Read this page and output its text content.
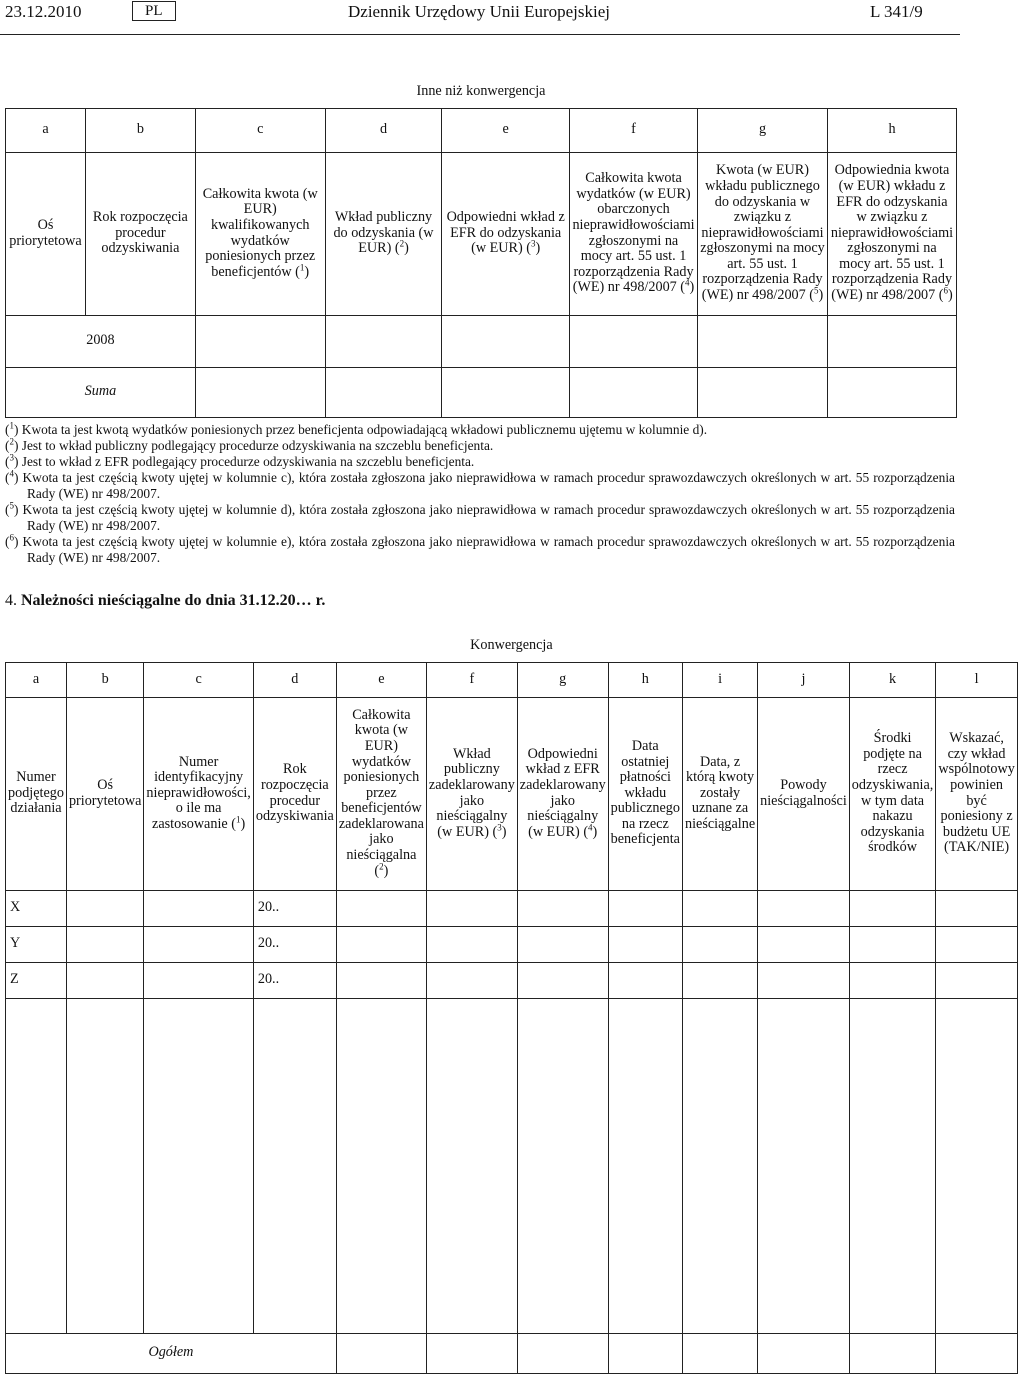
23.12.2010	PL	Dziennik Urzędowy Unii Europejskiej	L 341/9
Inne niż konwergencja							
a	b	c	d	e	f	g	h
Oś priorytetowa	Rok rozpoczęcia procedur odzyskiwania	Całkowita kwota (w EUR) kwalifikowanych wydatków poniesionych przez beneficjentów ($^1$)	Wkład publiczny do odzyskania (w EUR) ($^2$)	Odpowiedni wkład z EFR do odzyskania (w EUR) ($^3$)	Całkowita kwota wydatków (w EUR) obarczonych nieprawidłowościami zgłoszonymi na mocy art. 55 ust. 1 rozporządzenia Rady (WE) nr 498/2007 ($^4$)	Kwota (w EUR) wkładu publicznego do odzyskania w związku z nieprawidłowościami zgłoszonymi na mocy art. 55 ust. 1 rozporządzenia Rady (WE) nr 498/2007 ($^5$)	Odpowiednia kwota (w EUR) wkładu z EFR do odzyskania w związku z nieprawidłowościami zgłoszonymi na mocy art. 55 ust. 1 rozporządzenia Rady (WE) nr 498/2007 ($^6$)
2008							
Suma							

($^1$) Kwota ta jest kwotą wydatków poniesionych przez beneficjenta odpowiadającą wkładowi publicznemu ujętemu w kolumnie d).

($^2$) Jest to wkład publiczny podlegający procedurze odzyskiwania na szczeblu beneficjenta.

($^3$) Jest to wkład z EFR podlegający procedurze odzyskiwania na szczeblu beneficjenta.

($^4$) Kwota ta jest częścią kwoty ujętej w kolumnie c), która została zgłoszona jako nieprawidłowa w ramach procedur sprawozdawczych określonych w art. 55 rozporządzenia Rady (WE) nr 498/2007.

($^5$) Kwota ta jest częścią kwoty ujętej w kolumnie d), która została zgłoszona jako nieprawidłowa w ramach procedur sprawozdawczych określonych w art. 55 rozporządzenia Rady (WE) nr 498/2007.

($^6$) Kwota ta jest częścią kwoty ujętej w kolumnie e), która została zgłoszona jako nieprawidłowa w ramach procedur sprawozdawczych określonych w art. 55 rozporządzenia Rady (WE) nr 498/2007.

4. Należności nieściągalne do dnia 31.12.20… r.
Konwergencja											
a	b	c	d	e	f	g	h	i	j	k	l
Numer podjętego działania	Oś priorytetowa	Numer identyfikacyjny nieprawidłowości, o ile ma zastosowanie ($^1$)	Rok rozpoczęcia procedur odzyskiwania	Całkowita kwota (w EUR) wydatków poniesionych przez beneficjentów zadeklarowana jako nieściągalna ($^2$)	Wkład publiczny zadeklarowany jako nieściągalny (w EUR) ($^3$)	Odpowiedni wkład z EFR zadeklarowany jako nieściągalny (w EUR) ($^4$)	Data ostatniej płatności wkładu publicznego na rzecz beneficjenta	Data, z którą kwoty zostały uznane za nieściągalne	Powody nieściągalności	Środki podjęte na rzecz odzyskiwania, w tym data nakazu odzyskania środków	Wskazać, czy wkład wspólnotowy powinien być poniesiony z budżetu UE (TAK/NIE)
X			20..								
Y			20..								
Z			20..								

Ogółem											
